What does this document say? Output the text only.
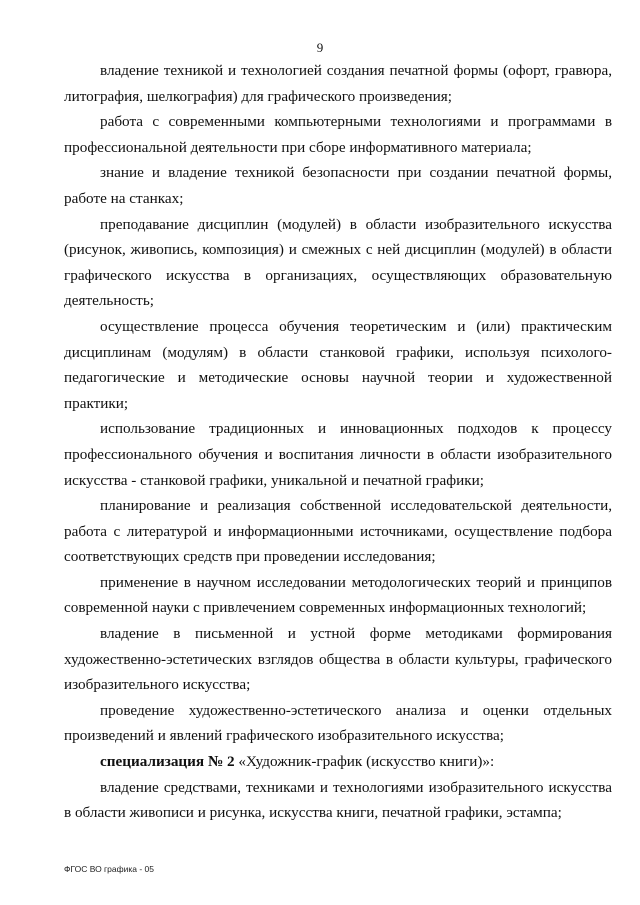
9

владение техникой и технологией создания печатной формы (офорт, гравюра, литография, шелкография) для графического произведения;

работа с современными компьютерными технологиями и программами в профессиональной деятельности при сборе информативного материала;

знание и владение техникой безопасности при создании печатной формы, работе на станках;

преподавание дисциплин (модулей) в области изобразительного искусства (рисунок, живопись, композиция) и смежных с ней дисциплин (модулей) в области графического искусства в организациях, осуществляющих образовательную деятельность;

осуществление процесса обучения теоретическим и (или) практическим дисциплинам (модулям) в области станковой графики, используя психолого-педагогические и методические основы научной теории и художественной практики;

использование традиционных и инновационных подходов к процессу профессионального обучения и воспитания личности в области изобразительного искусства - станковой графики, уникальной и печатной графики;

планирование и реализация собственной исследовательской деятельности, работа с литературой и информационными источниками, осуществление подбора соответствующих средств при проведении исследования;

применение в научном исследовании методологических теорий и принципов современной науки с привлечением современных информационных технологий;

владение в письменной и устной форме методиками формирования художественно-эстетических взглядов общества в области культуры, графического изобразительного искусства;

проведение художественно-эстетического анализа и оценки отдельных произведений и явлений графического изобразительного искусства;

специализация № 2 «Художник-график (искусство книги)»:

владение средствами, техниками и технологиями изобразительного искусства в области живописи и рисунка, искусства книги, печатной графики, эстампа;

ФГОС ВО графика - 05
